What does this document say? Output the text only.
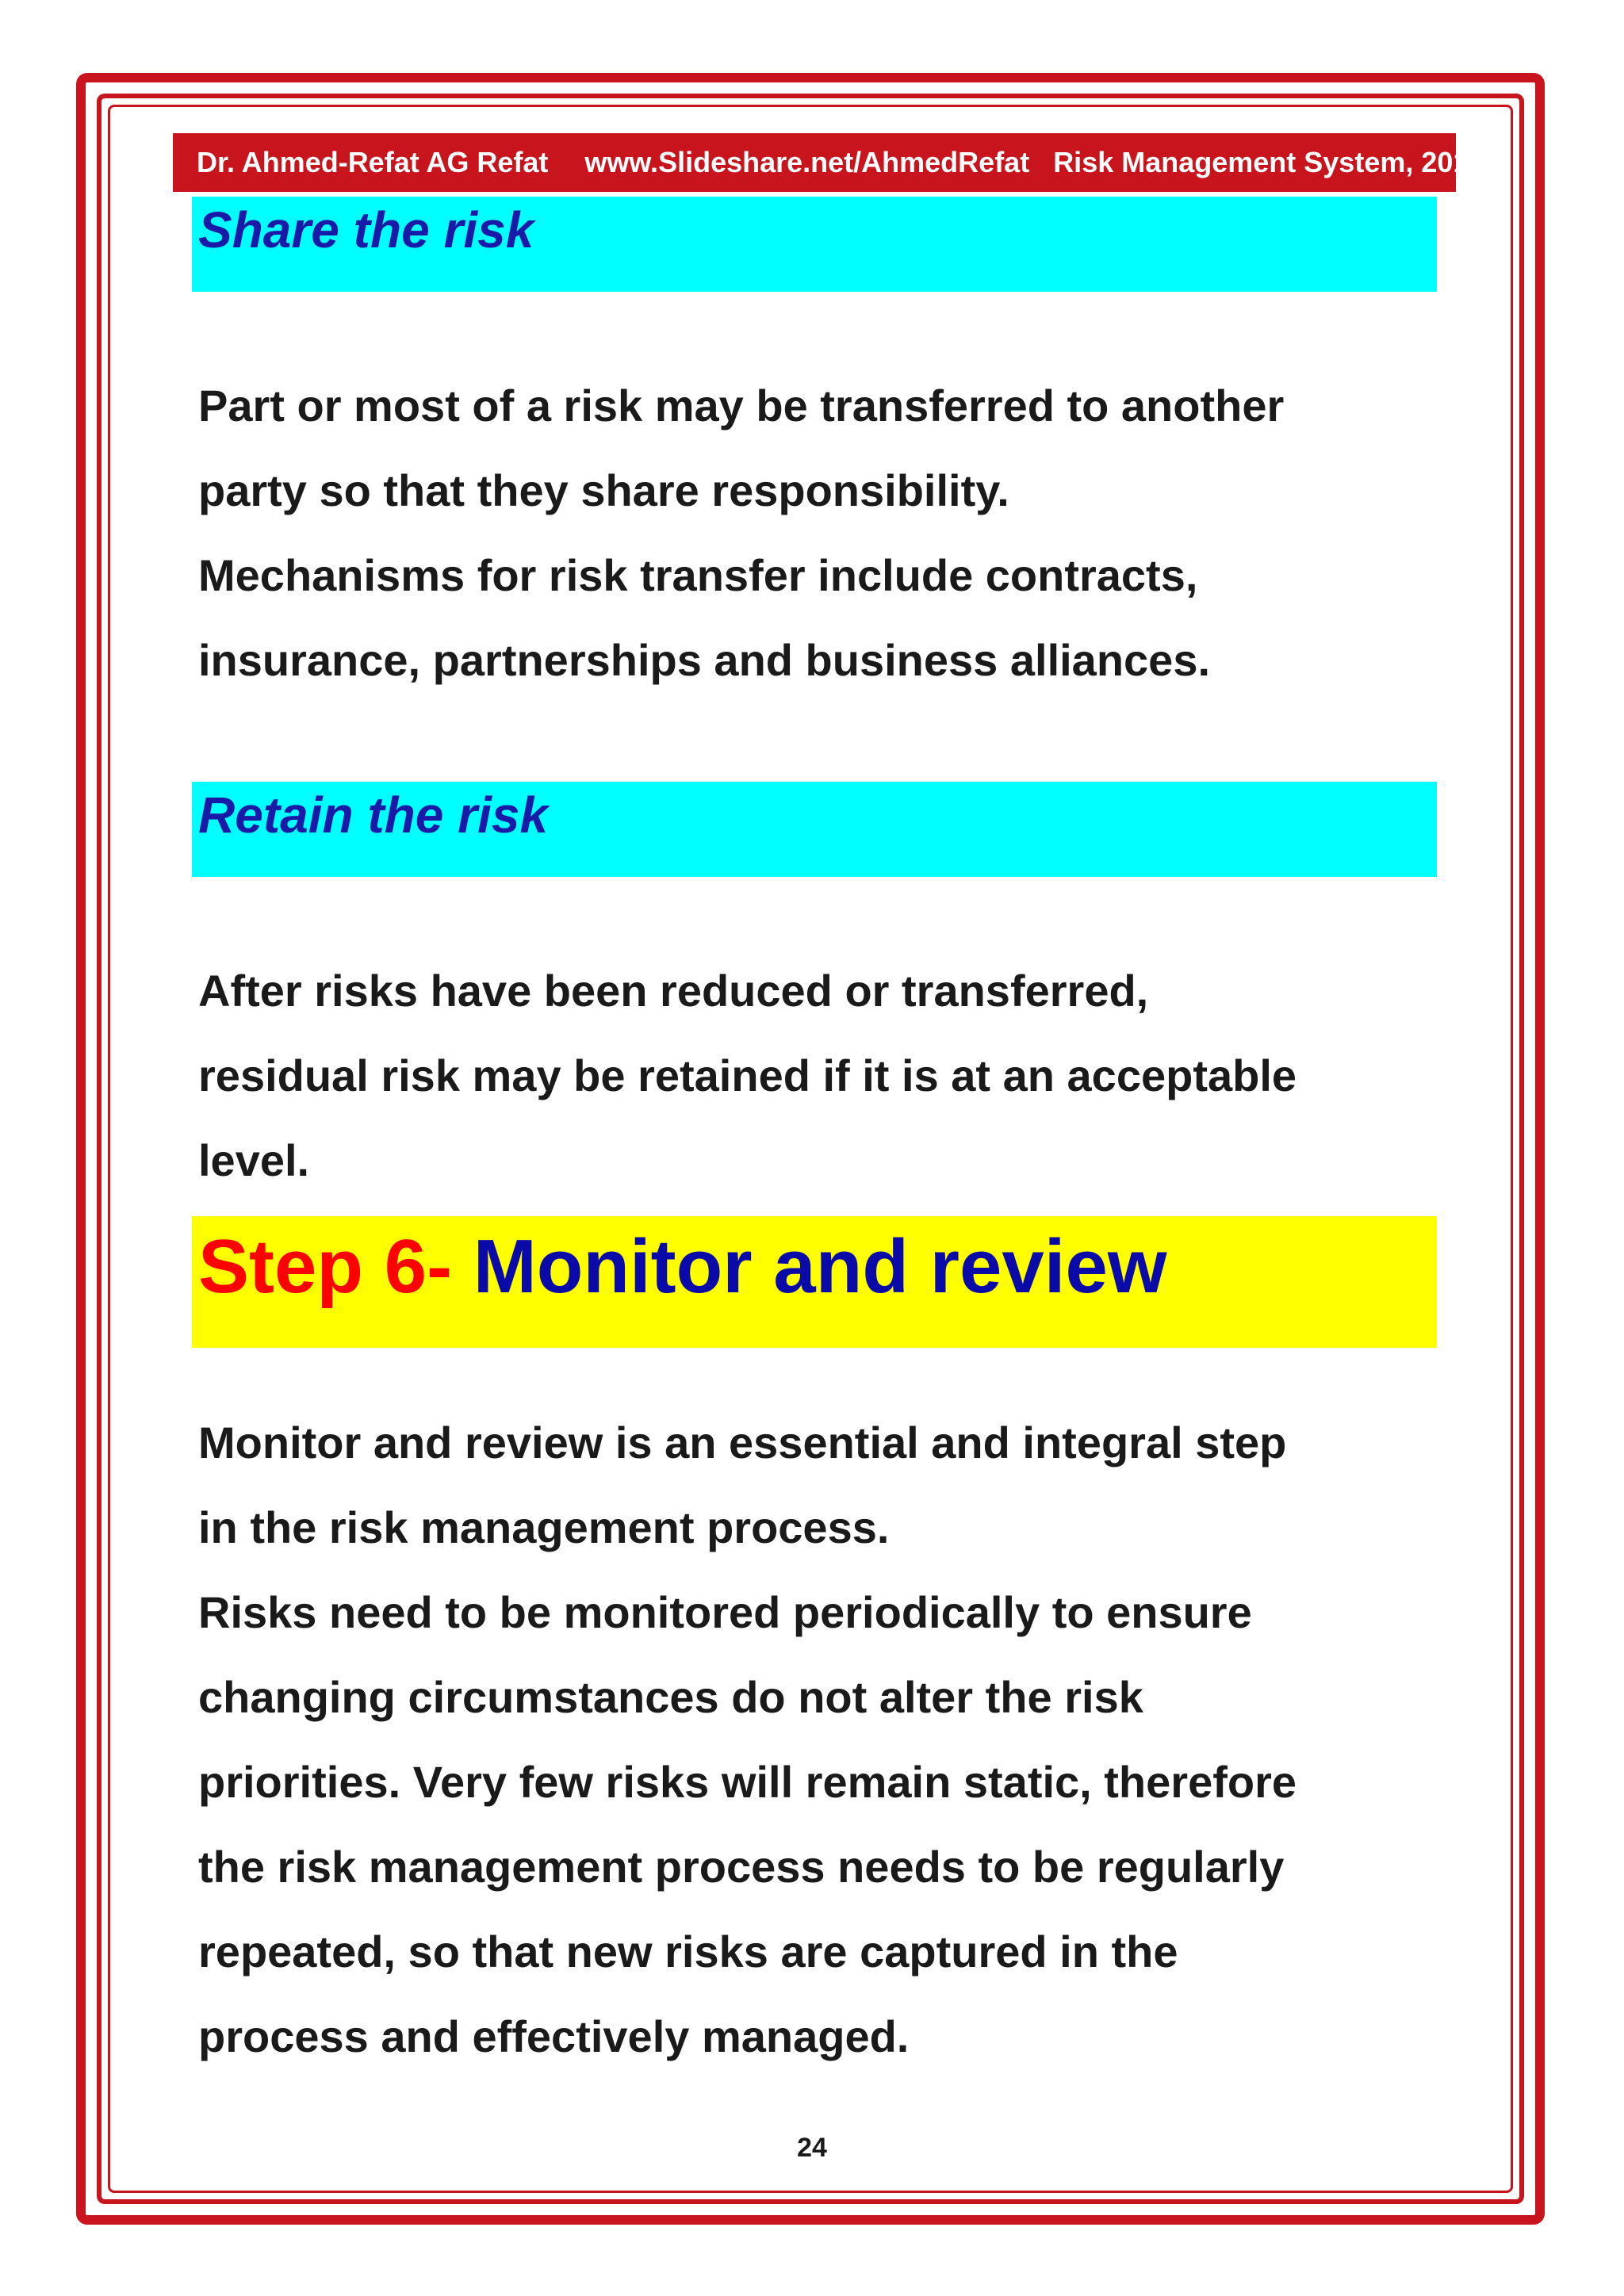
Dr. Ahmed-Refat AG Refat www.Slideshare.net/AhmedRefat Risk Management System, 2012
Share the risk

Part or most of a risk may be transferred to another
party so that they share responsibility.
Mechanisms for risk transfer include contracts,
insurance, partnerships and business alliances.

Retain the risk

After risks have been reduced or transferred,
residual risk may be retained if it is at an acceptable
level.

Step 6- Monitor and review

Monitor and review is an essential and integral step
in the risk management process.
Risks need to be monitored periodically to ensure
changing circumstances do not alter the risk
priorities. Very few risks will remain static, therefore
the risk management process needs to be regularly
repeated, so that new risks are captured in the
process and effectively managed.

24
